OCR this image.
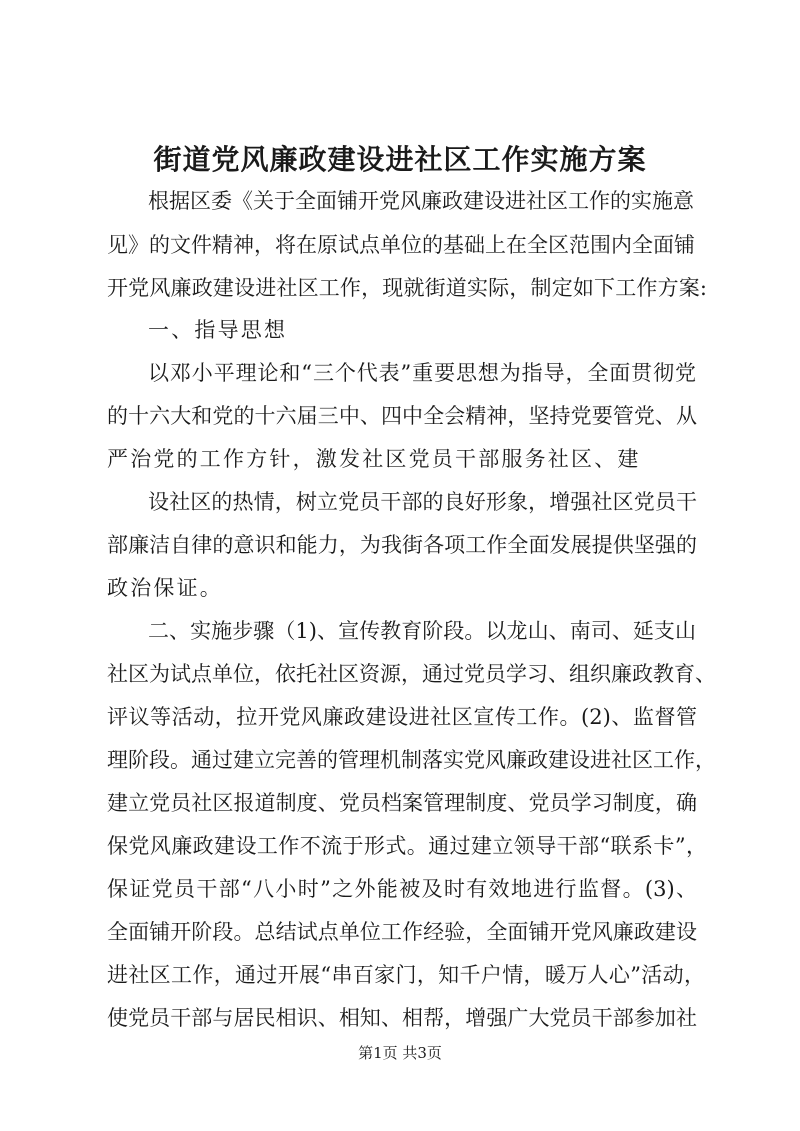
街道党风廉政建设进社区工作实施方案
根据区委《关于全面铺开党风廉政建设进社区工作的实施意
见》的文件精神，将在原试点单位的基础上在全区范围内全面铺
开党风廉政建设进社区工作，现就街道实际，制定如下工作方案:
一、指导思想
以邓小平理论和“三个代表”重要思想为指导，全面贯彻党
的十六大和党的十六届三中、四中全会精神，坚持党要管党、从
严治党的工作方针，激发社区党员干部服务社区、建
设社区的热情，树立党员干部的良好形象，增强社区党员干
部廉洁自律的意识和能力，为我街各项工作全面发展提供坚强的
政治保证。
二、实施步骤（1)、宣传教育阶段。以龙山、南司、延支山
社区为试点单位，依托社区资源，通过党员学习、组织廉政教育、
评议等活动，拉开党风廉政建设进社区宣传工作。(2)、监督管
理阶段。通过建立完善的管理机制落实党风廉政建设进社区工作，
建立党员社区报道制度、党员档案管理制度、党员学习制度，确
保党风廉政建设工作不流于形式。通过建立领导干部“联系卡”，
保证党员干部“八小时”之外能被及时有效地进行监督。(3)、
全面铺开阶段。总结试点单位工作经验，全面铺开党风廉政建设
进社区工作，通过开展“串百家门，知千户情，暖万人心”活动，
使党员干部与居民相识、相知、相帮，增强广大党员干部参加社
第1页 共3页
